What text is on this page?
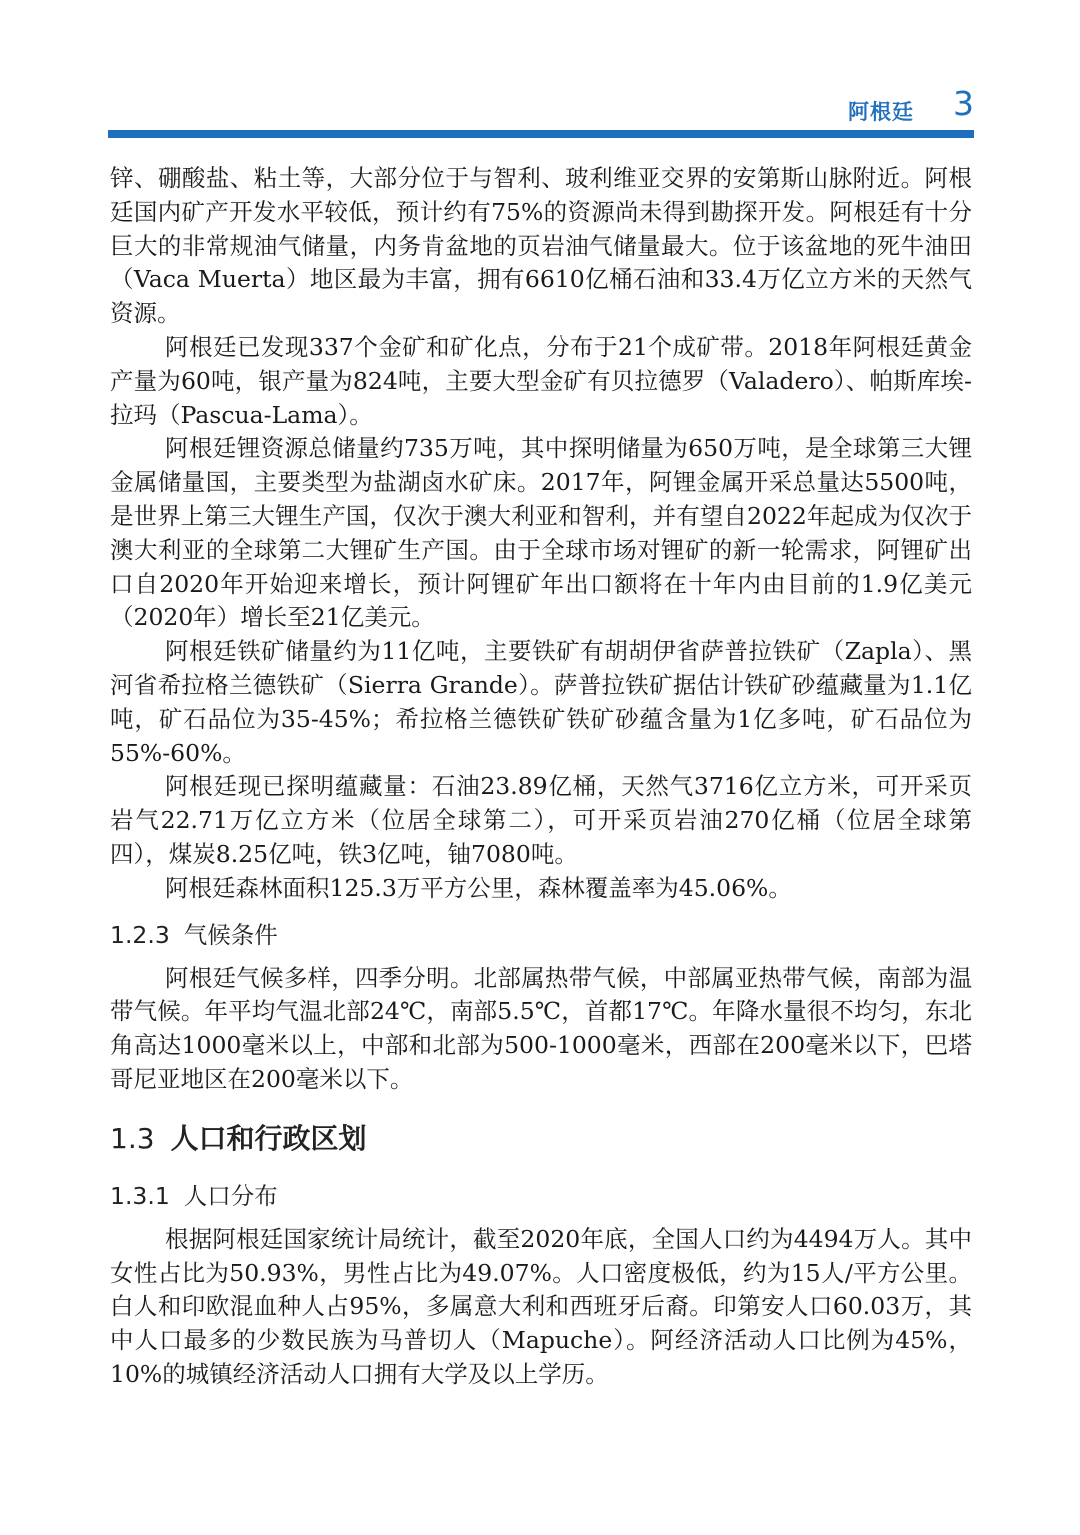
阿根廷 3

锌、硼酸盐、粘土等，大部分位于与智利、玻利维亚交界的安第斯山脉附近。阿根廷国内矿产开发水平较低，预计约有75%的资源尚未得到勘探开发。阿根廷有十分巨大的非常规油气储量，内务肯盆地的页岩油气储量最大。位于该盆地的死牛油田（Vaca Muerta）地区最为丰富，拥有6610亿桶石油和33.4万亿立方米的天然气资源。

阿根廷已发现337个金矿和矿化点，分布于21个成矿带。2018年阿根廷黄金产量为60吨，银产量为824吨，主要大型金矿有贝拉德罗（Valadero）、帕斯库埃-拉玛（Pascua-Lama）。

阿根廷锂资源总储量约735万吨，其中探明储量为650万吨，是全球第三大锂金属储量国，主要类型为盐湖卤水矿床。2017年，阿锂金属开采总量达5500吨，是世界上第三大锂生产国，仅次于澳大利亚和智利，并有望自2022年起成为仅次于澳大利亚的全球第二大锂矿生产国。由于全球市场对锂矿的新一轮需求，阿锂矿出口自2020年开始迎来增长，预计阿锂矿年出口额将在十年内由目前的1.9亿美元（2020年）增长至21亿美元。

阿根廷铁矿储量约为11亿吨，主要铁矿有胡胡伊省萨普拉铁矿（Zapla）、黑河省希拉格兰德铁矿（Sierra Grande）。萨普拉铁矿据估计铁矿砂蕴藏量为1.1亿吨，矿石品位为35-45%；希拉格兰德铁矿铁矿砂蕴含量为1亿多吨，矿石品位为55%-60%。

阿根廷现已探明蕴藏量：石油23.89亿桶，天然气3716亿立方米，可开采页岩气22.71万亿立方米（位居全球第二），可开采页岩油270亿桶（位居全球第四），煤炭8.25亿吨，铁3亿吨，铀7080吨。

阿根廷森林面积125.3万平方公里，森林覆盖率为45.06%。

1.2.3 气候条件

阿根廷气候多样，四季分明。北部属热带气候，中部属亚热带气候，南部为温带气候。年平均气温北部24℃，南部5.5℃，首都17℃。年降水量很不均匀，东北角高达1000毫米以上，中部和北部为500-1000毫米，西部在200毫米以下，巴塔哥尼亚地区在200毫米以下。

1.3 人口和行政区划
1.3.1 人口分布

根据阿根廷国家统计局统计，截至2020年底，全国人口约为4494万人。其中女性占比为50.93%，男性占比为49.07%。人口密度极低，约为15人/平方公里。白人和印欧混血种人占95%，多属意大利和西班牙后裔。印第安人口60.03万，其中人口最多的少数民族为马普切人（Mapuche）。阿经济活动人口比例为45%，10%的城镇经济活动人口拥有大学及以上学历。
